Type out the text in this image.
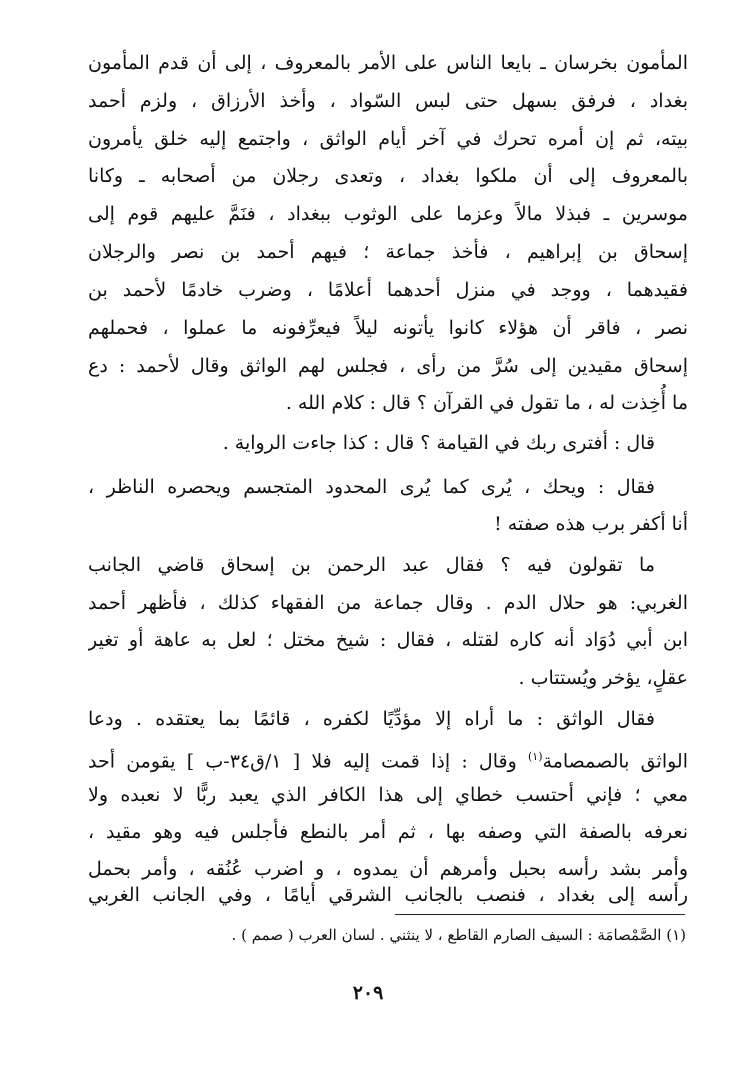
المأمون بخرسان ـ بايعا الناس على الأمر بالمعروف ، إلى أن قدم المأمون
بغداد ، فرفق بسهل حتى لبس السّواد ، وأخذ الأرزاق ، ولزم أحمد
بيته، ثم إن أمره تحرك في آخر أيام الواثق ، واجتمع إليه خلق يأمرون
بالمعروف إلى أن ملكوا بغداد ، وتعدى رجلان من أصحابه ـ وكانا
موسرين ـ فبذلا مالاً وعزما على الوثوب ببغداد ، فنَمَّ عليهم قوم إلى
إسحاق بن إبراهيم ، فأخذ جماعة ؛ فيهم أحمد بن نصر والرجلان
فقيدهما ، ووجد في منزل أحدهما أعلامًا ، وضرب خادمًا لأحمد بن
نصر ، فاقر أن هؤلاء كانوا يأتونه ليلاً فيعرِّفونه ما عملوا ، فحملهم
إسحاق مقيدين إلى سُرَّ من رأى ، فجلس لهم الواثق وقال لأحمد : دع
ما أُخِذت له ، ما تقول في القرآن ؟ قال : كلام الله .
قال : أفترى ربك في القيامة ؟ قال : كذا جاءت الرواية .
فقال : ويحك ، يُرى كما يُرى المحدود المتجسم ويحصره الناظر ،
أنا أكفر برب هذه صفته !
ما تقولون فيه ؟ فقال عبد الرحمن بن إسحاق قاضي الجانب
الغربي: هو حلال الدم . وقال جماعة من الفقهاء كذلك ، فأظهر أحمد
ابن أبي دُوَاد أنه كاره لقتله ، فقال : شيخ مختل ؛ لعل به عاهة أو تغير
عقلٍ، يؤخر ويُستتاب .
فقال الواثق : ما أراه إلا مؤدِّيًا لكفره ، قائمًا بما يعتقده . ودعا
الواثق بالصمصامة$^{(١)}$ وقال : إذا قمت إليه فلا [ ١/ق٣٤-ب ] يقومن أحد
معي ؛ فإني أحتسب خطاي إلى هذا الكافر الذي يعبد ربًّا لا نعبده ولا
نعرفه بالصفة التي وصفه بها ، ثم أمر بالنطع فأجلس فيه وهو مقيد ،
وأمر بشد رأسه بحبل وأمرهم أن يمدوه ، و اضرب عُنُقه ، وأمر بحمل
رأسه إلى بغداد ، فنصب بالجانب الشرقي أيامًا ، وفي الجانب الغربي
(١) الصَّمْصامَة : السيف الصارم القاطع ، لا ينثني . لسان العرب ( صمم ) .
٢٠٩
